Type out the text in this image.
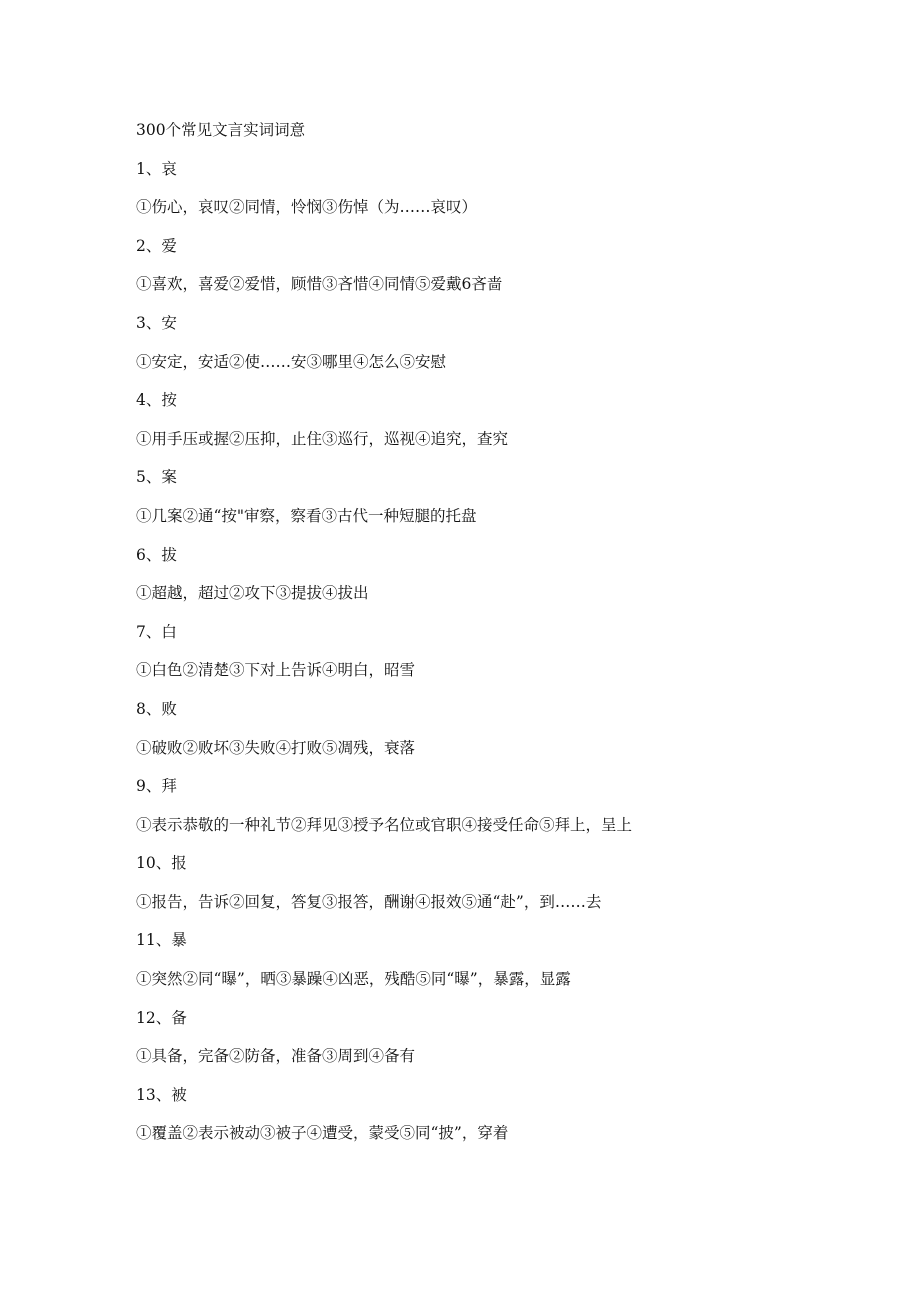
300个常见文言实词词意
1、哀
①伤心，哀叹②同情，怜悯③伤悼（为……哀叹）
2、爱
①喜欢，喜爱②爱惜，顾惜③吝惜④同情⑤爱戴6吝啬
3、安
①安定，安适②使……安③哪里④怎么⑤安慰
4、按
①用手压或握②压抑，止住③巡行，巡视④追究，查究
5、案
①几案②通“按"审察，察看③古代一种短腿的托盘
6、拔
①超越，超过②攻下③提拔④拔出
7、白
①白色②清楚③下对上告诉④明白，昭雪
8、败
①破败②败坏③失败④打败⑤凋残，衰落
9、拜
①表示恭敬的一种礼节②拜见③授予名位或官职④接受任命⑤拜上，呈上
10、报
①报告，告诉②回复，答复③报答，酬谢④报效⑤通“赴”，到……去
11、暴
①突然②同“曝”，晒③暴躁④凶恶，残酷⑤同“曝”，暴露，显露
12、备
①具备，完备②防备，准备③周到④备有
13、被
①覆盖②表示被动③被子④遭受，蒙受⑤同“披”，穿着
